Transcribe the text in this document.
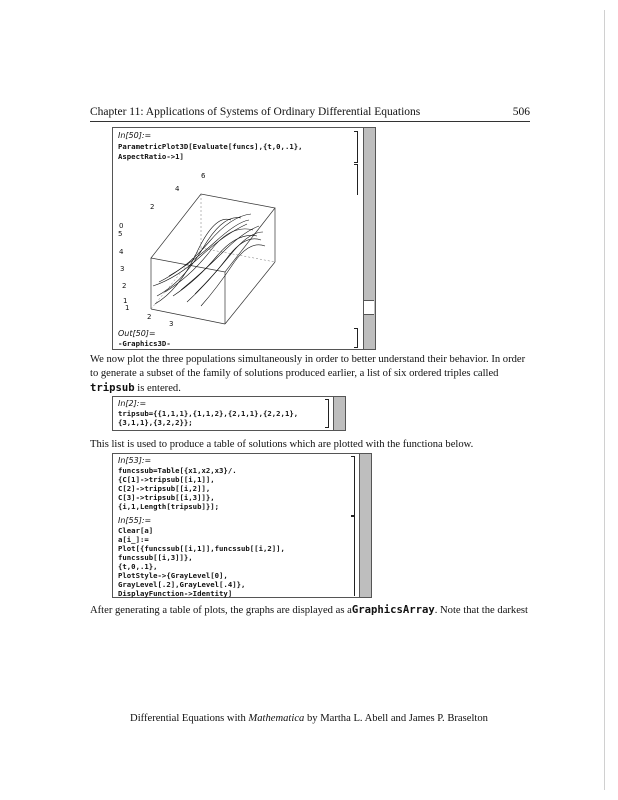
Chapter 11: Applications of Systems of Ordinary Differential Equations	506
In[50]:=
ParametricPlot3D[Evaluate[funcs],{t,0,.1},
AspectRatio->1]
6
4
2
0
5
4
3
2
1
1
2
3
Out[50]=
-Graphics3D-
We now plot the three populations simultaneously in order to better understand their behavior. In order
to generate a subset of the family of solutions produced earlier, a list of six ordered triples called
tripsub is entered.
In[2]:=
tripsub={{1,1,1},{1,1,2},{2,1,1},{2,2,1},
{3,1,1},{3,2,2}};
This list is used to produce a table of solutions which are plotted with the functiona below.
In[53]:=
funcssub=Table[{x1,x2,x3}/.
{C[1]->tripsub[[i,1]],
C[2]->tripsub[[i,2]],
C[3]->tripsub[[i,3]]},
{i,1,Length[tripsub]}];
In[55]:=
Clear[a]
a[i_]:=
Plot[{funcssub[[i,1]],funcssub[[i,2]],
funcssub[[i,3]]},
{t,0,.1},
PlotStyle->{GrayLevel[0],
GrayLevel[.2],GrayLevel[.4]},
DisplayFunction->Identity]
After generating a table of plots, the graphs are displayed as aGraphicsArray. Note that the darkest
Differential Equations with Mathematica by Martha L. Abell and James P. Braselton
